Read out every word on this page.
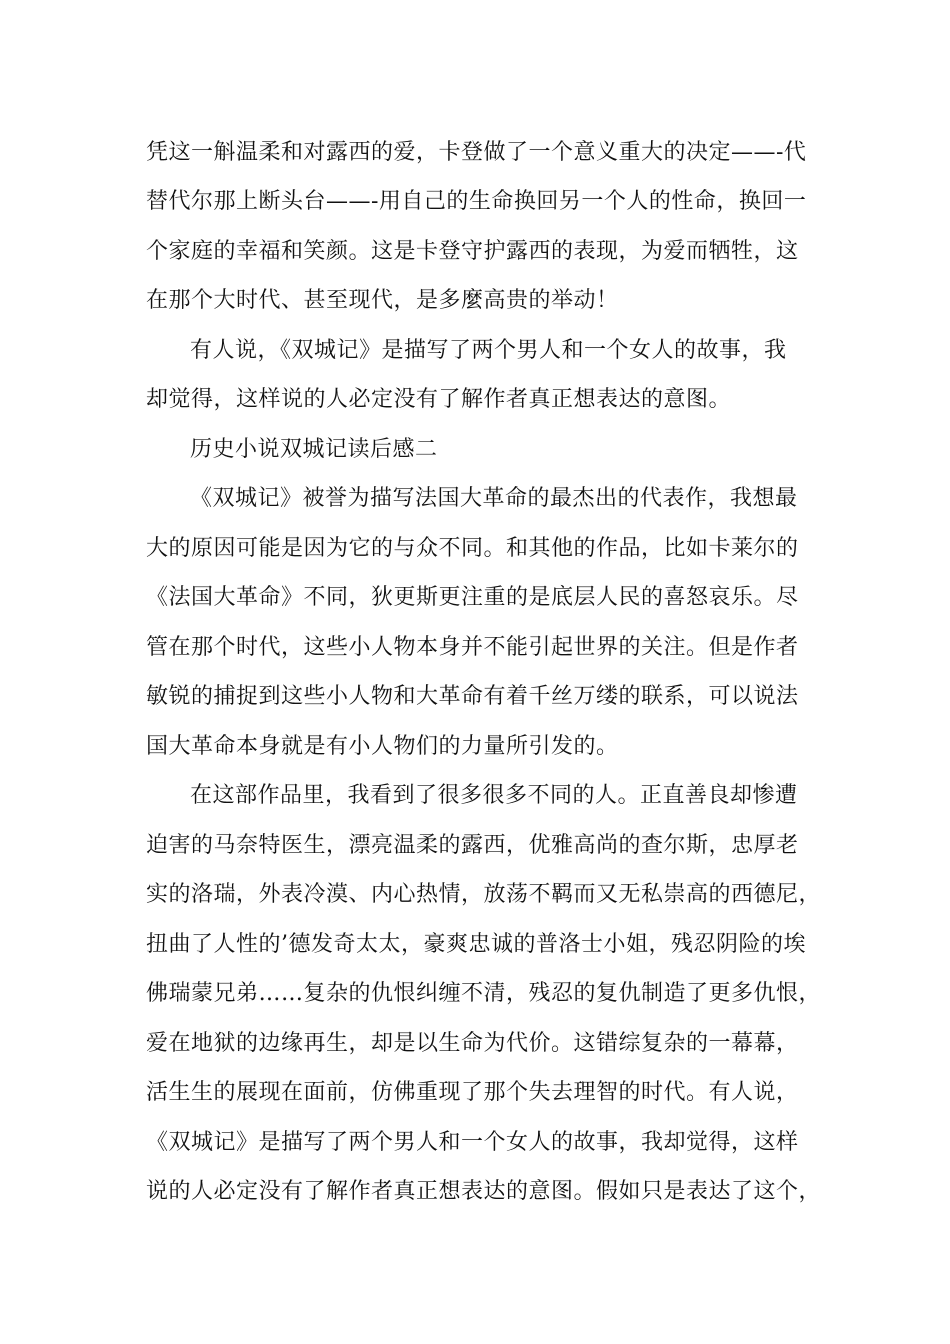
凭这一斛温柔和对露西的爱，卡登做了一个意义重大的决定——-代
替代尔那上断头台——-用自己的生命换回另一个人的性命，换回一
个家庭的幸福和笑颜。这是卡登守护露西的表现，为爱而牺牲，这
在那个大时代、甚至现代，是多麼高贵的举动！
有人说，《双城记》是描写了两个男人和一个女人的故事，我
却觉得，这样说的人必定没有了解作者真正想表达的意图。
历史小说双城记读后感二
《双城记》被誉为描写法国大革命的最杰出的代表作，我想最
大的原因可能是因为它的与众不同。和其他的作品，比如卡莱尔的
《法国大革命》不同，狄更斯更注重的是底层人民的喜怒哀乐。尽
管在那个时代，这些小人物本身并不能引起世界的关注。但是作者
敏锐的捕捉到这些小人物和大革命有着千丝万缕的联系，可以说法
国大革命本身就是有小人物们的力量所引发的。
在这部作品里，我看到了很多很多不同的人。正直善良却惨遭
迫害的马奈特医生，漂亮温柔的露西，优雅高尚的查尔斯，忠厚老
实的洛瑞，外表冷漠、内心热情，放荡不羁而又无私崇高的西德尼，
扭曲了人性的’德发奇太太，豪爽忠诚的普洛士小姐，残忍阴险的埃
佛瑞蒙兄弟……复杂的仇恨纠缠不清，残忍的复仇制造了更多仇恨，
爱在地狱的边缘再生，却是以生命为代价。这错综复杂的一幕幕，
活生生的展现在面前，仿佛重现了那个失去理智的时代。有人说，
《双城记》是描写了两个男人和一个女人的故事，我却觉得，这样
说的人必定没有了解作者真正想表达的意图。假如只是表达了这个，
